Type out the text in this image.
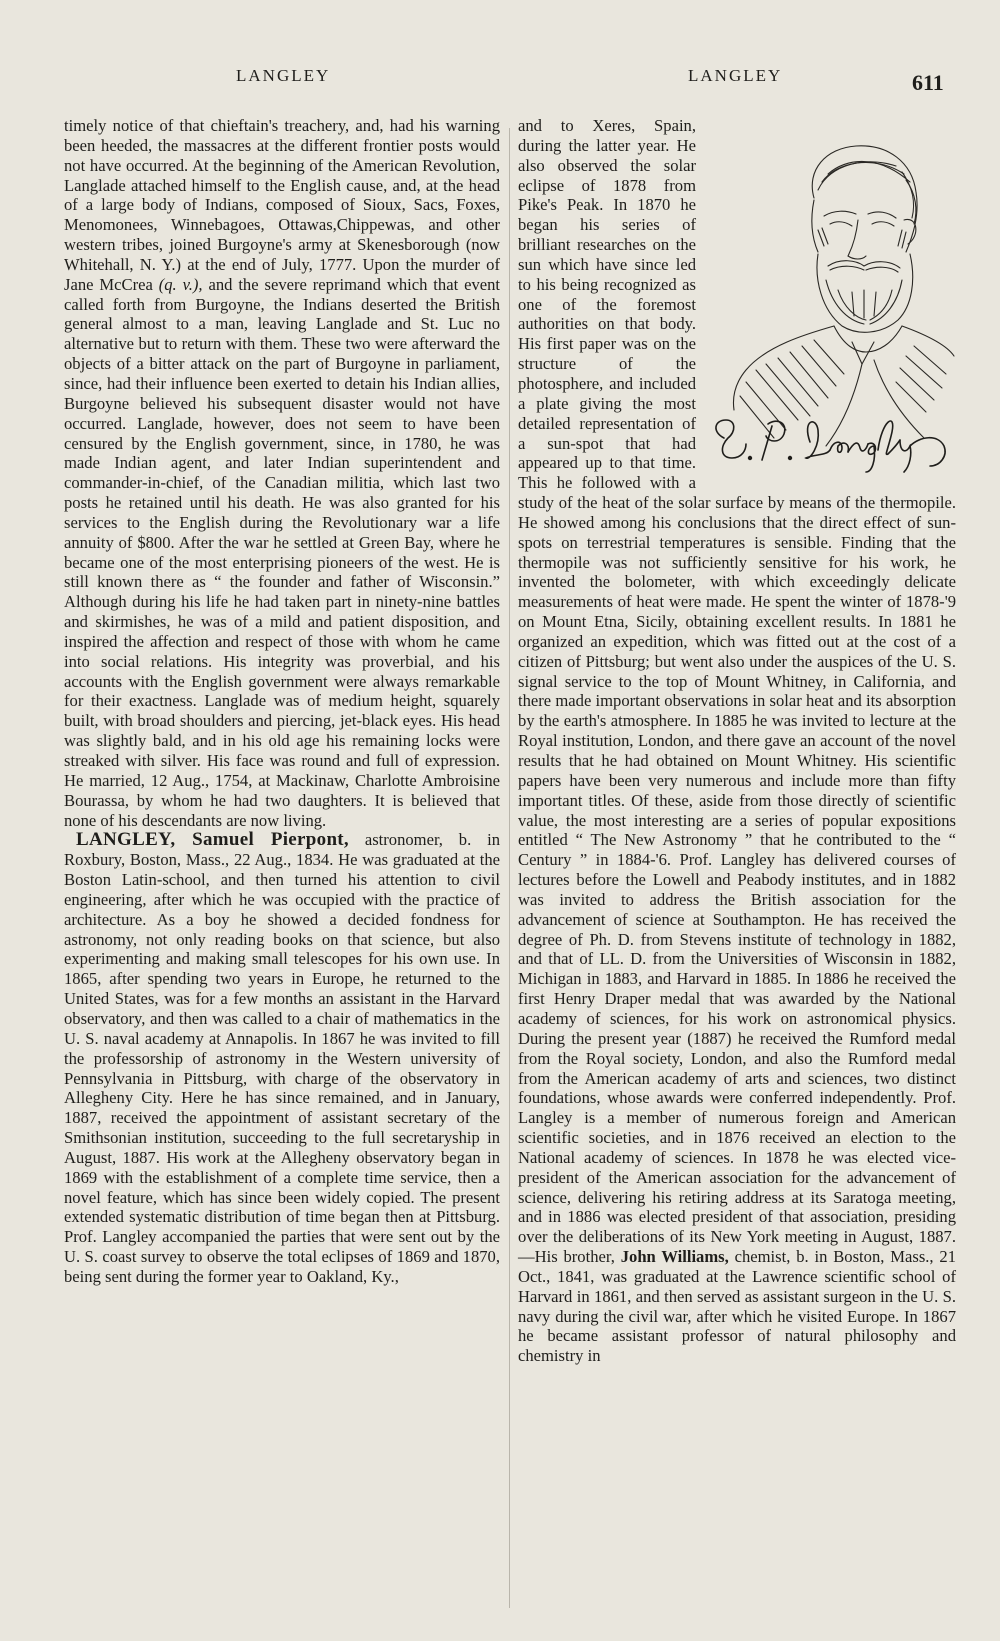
LANGLEY	LANGLEY	611

timely notice of that chieftain's treachery, and, had his warning been heeded, the massacres at the different frontier posts would not have occurred. At the beginning of the American Revolution, Langlade attached himself to the English cause, and, at the head of a large body of Indians, composed of Sioux, Sacs, Foxes, Menomonees, Winnebagoes, Ottawas,Chippewas, and other western tribes, joined Burgoyne's army at Skenesborough (now Whitehall, N. Y.) at the end of July, 1777. Upon the murder of Jane McCrea (q. v.), and the severe reprimand which that event called forth from Burgoyne, the Indians deserted the British general almost to a man, leaving Langlade and St. Luc no alternative but to return with them. These two were afterward the objects of a bitter attack on the part of Burgoyne in parliament, since, had their influence been exerted to detain his Indian allies, Burgoyne believed his subsequent disaster would not have occurred. Langlade, however, does not seem to have been censured by the English government, since, in 1780, he was made Indian agent, and later Indian superintendent and commander-in-chief, of the Canadian militia, which last two posts he retained until his death. He was also granted for his services to the English during the Revolutionary war a life annuity of $800. After the war he settled at Green Bay, where he became one of the most enterprising pioneers of the west. He is still known there as “ the founder and father of Wisconsin.” Although during his life he had taken part in ninety-nine battles and skirmishes, he was of a mild and patient disposition, and inspired the affection and respect of those with whom he came into social relations. His integrity was proverbial, and his accounts with the English government were always remarkable for their exactness. Langlade was of medium height, squarely built, with broad shoulders and piercing, jet-black eyes. His head was slightly bald, and in his old age his remaining locks were streaked with silver. His face was round and full of expression. He married, 12 Aug., 1754, at Mackinaw, Charlotte Ambroisine Bourassa, by whom he had two daughters. It is believed that none of his descendants are now living.

LANGLEY, Samuel Pierpont, astronomer, b. in Roxbury, Boston, Mass., 22 Aug., 1834. He was graduated at the Boston Latin-school, and then turned his attention to civil engineering, after which he was occupied with the practice of architecture. As a boy he showed a decided fondness for astronomy, not only reading books on that science, but also experimenting and making small telescopes for his own use. In 1865, after spending two years in Europe, he returned to the United States, was for a few months an assistant in the Harvard observatory, and then was called to a chair of mathematics in the U. S. naval academy at Annapolis. In 1867 he was invited to fill the professorship of astronomy in the Western university of Pennsylvania in Pittsburg, with charge of the observatory in Allegheny City. Here he has since remained, and in January, 1887, received the appointment of assistant secretary of the Smithsonian institution, succeeding to the full secretaryship in August, 1887. His work at the Allegheny observatory began in 1869 with the establishment of a complete time service, then a novel feature, which has since been widely copied. The present extended systematic distribution of time began then at Pittsburg. Prof. Langley accompanied the parties that were sent out by the U. S. coast survey to observe the total eclipses of 1869 and 1870, being sent during the former year to Oakland, Ky.,

and to Xeres, Spain, during the latter year. He also observed the solar eclipse of 1878 from Pike's Peak. In 1870 he began his series of brilliant researches on the sun which have since led to his being recognized as one of the foremost authorities on that body. His first paper was on the structure of the photosphere, and included a plate giving the most detailed representation of a sun-spot that had appeared up to that time. This he followed with a study of the heat of the solar surface by means of the thermopile. He showed among his conclusions that the direct effect of sun-spots on terrestrial temperatures is sensible. Finding that the thermopile was not sufficiently sensitive for his work, he invented the bolometer, with which exceedingly delicate measurements of heat were made. He spent the winter of 1878-'9 on Mount Etna, Sicily, obtaining excellent results. In 1881 he organized an expedition, which was fitted out at the cost of a citizen of Pittsburg; but went also under the auspices of the U. S. signal service to the top of Mount Whitney, in California, and there made important observations in solar heat and its absorption by the earth's atmosphere. In 1885 he was invited to lecture at the Royal institution, London, and there gave an account of the novel results that he had obtained on Mount Whitney. His scientific papers have been very numerous and include more than fifty important titles. Of these, aside from those directly of scientific value, the most interesting are a series of popular expositions entitled “ The New Astronomy ” that he contributed to the “ Century ” in 1884-'6. Prof. Langley has delivered courses of lectures before the Lowell and Peabody institutes, and in 1882 was invited to address the British association for the advancement of science at Southampton. He has received the degree of Ph. D. from Stevens institute of technology in 1882, and that of LL. D. from the Universities of Wisconsin in 1882, Michigan in 1883, and Harvard in 1885. In 1886 he received the first Henry Draper medal that was awarded by the National academy of sciences, for his work on astronomical physics. During the present year (1887) he received the Rumford medal from the Royal society, London, and also the Rumford medal from the American academy of arts and sciences, two distinct foundations, whose awards were conferred independently. Prof. Langley is a member of numerous foreign and American scientific societies, and in 1876 received an election to the National academy of sciences. In 1878 he was elected vice-president of the American association for the advancement of science, delivering his retiring address at its Saratoga meeting, and in 1886 was elected president of that association, presiding over the deliberations of its New York meeting in August, 1887.—His brother, John Williams, chemist, b. in Boston, Mass., 21 Oct., 1841, was graduated at the Lawrence scientific school of Harvard in 1861, and then served as assistant surgeon in the U. S. navy during the civil war, after which he visited Europe. In 1867 he became assistant professor of natural philosophy and chemistry in
